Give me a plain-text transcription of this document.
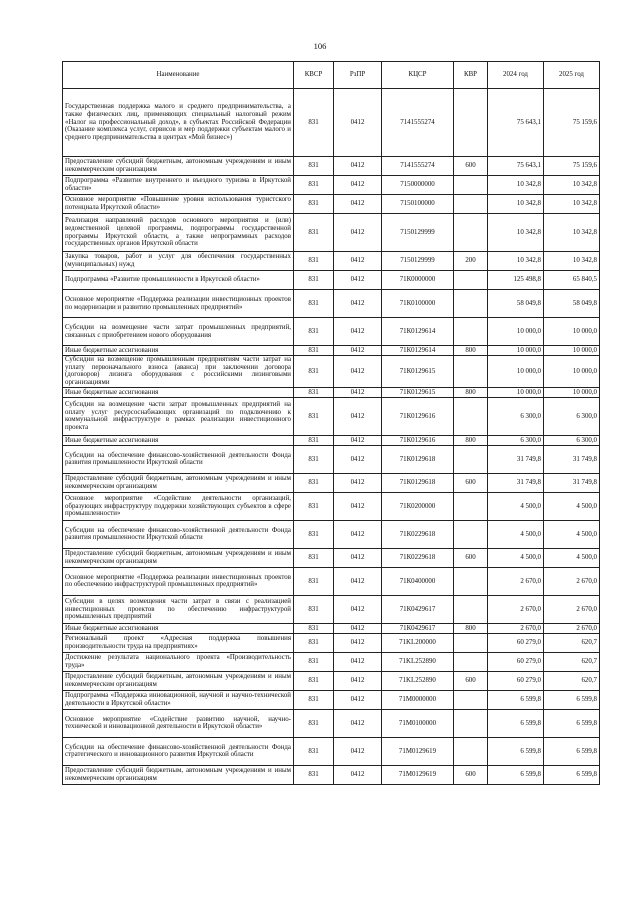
106
Наименование	КВСР	РзПР	КЦСР	КВР	2024 год	2025 год
Государственная поддержка малого и среднего предпринимательства, а также физических лиц, применяющих специальный налоговый режим «Налог на профессиональный доход», в субъектах Российской Федерации (Оказание комплекса услуг, сервисов и мер поддержки субъектам малого и среднего предпринимательства в центрах «Мой бизнес»)	831	0412	7141555274		75 643,1	75 159,6
Предоставление субсидий бюджетным, автономным учреждениям и иным некоммерческим организациям	831	0412	7141555274	600	75 643,1	75 159,6
Подпрограмма «Развитие внутреннего и въездного туризма в Иркутской области»	831	0412	7150000000		10 342,8	10 342,8
Основное мероприятие «Повышение уровня использования туристского потенциала Иркутской области»	831	0412	7150100000		10 342,8	10 342,8
Реализация направлений расходов основного мероприятия и (или) ведомственной целевой программы, подпрограммы государственной программы Иркутской области, а также непрограммных расходов государственных органов Иркутской области	831	0412	7150129999		10 342,8	10 342,8
Закупка товаров, работ и услуг для обеспечения государственных (муниципальных) нужд	831	0412	7150129999	200	10 342,8	10 342,8
Подпрограмма «Развитие промышленности в Иркутской области»	831	0412	71К0000000		125 498,8	65 840,5
Основное мероприятие «Поддержка реализации инвестиционных проектов по модернизации и развитию промышленных предприятий»	831	0412	71К0100000		58 049,8	58 049,8
Субсидии на возмещение части затрат промышленных предприятий, связанных с приобретением нового оборудования	831	0412	71К0129614		10 000,0	10 000,0
Иные бюджетные ассигнования	831	0412	71К0129614	800	10 000,0	10 000,0
Субсидии на возмещение промышленным предприятиям части затрат на уплату первоначального взноса (аванса) при заключении договора (договоров) лизинга оборудования с российскими лизинговыми организациями	831	0412	71К0129615		10 000,0	10 000,0
Иные бюджетные ассигнования	831	0412	71К0129615	800	10 000,0	10 000,0
Субсидии на возмещение части затрат промышленных предприятий на оплату услуг ресурсоснабжающих организаций по подключению к коммунальной инфраструктуре в рамках реализации инвестиционного проекта	831	0412	71К0129616		6 300,0	6 300,0
Иные бюджетные ассигнования	831	0412	71К0129616	800	6 300,0	6 300,0
Субсидии на обеспечение финансово-хозяйственной деятельности Фонда развития промышленности Иркутской области	831	0412	71К0129618		31 749,8	31 749,8
Предоставление субсидий бюджетным, автономным учреждениям и иным некоммерческим организациям	831	0412	71К0129618	600	31 749,8	31 749,8
Основное мероприятие «Содействие деятельности организаций, образующих инфраструктуру поддержки хозяйствующих субъектов в сфере промышленности»	831	0412	71К0200000		4 500,0	4 500,0
Субсидии на обеспечение финансово-хозяйственной деятельности Фонда развития промышленности Иркутской области	831	0412	71К0229618		4 500,0	4 500,0
Предоставление субсидий бюджетным, автономным учреждениям и иным некоммерческим организациям	831	0412	71К0229618	600	4 500,0	4 500,0
Основное мероприятие «Поддержка реализации инвестиционных проектов по обеспечению инфраструктурой промышленных предприятий»	831	0412	71К0400000		2 670,0	2 670,0
Субсидии в целях возмещения части затрат в связи с реализацией инвестиционных проектов по обеспечению инфраструктурой промышленных предприятий	831	0412	71К0429617		2 670,0	2 670,0
Иные бюджетные ассигнования	831	0412	71К0429617	800	2 670,0	2 670,0
Региональный проект «Адресная поддержка повышения производительности труда на предприятиях»	831	0412	71KL200000		60 279,0	620,7
Достижение результата национального проекта «Производительность труда»	831	0412	71KL252890		60 279,0	620,7
Предоставление субсидий бюджетным, автономным учреждениям и иным некоммерческим организациям	831	0412	71KL252890	600	60 279,0	620,7
Подпрограмма «Поддержка инновационной, научной и научно-технической деятельности в Иркутской области»	831	0412	71М0000000		6 599,8	6 599,8
Основное мероприятие «Содействие развитию научной, научно-технической и инновационной деятельности в Иркутской области»	831	0412	71М0100000		6 599,8	6 599,8
Субсидии на обеспечение финансово-хозяйственной деятельности Фонда стратегического и инновационного развития Иркутской области	831	0412	71М0129619		6 599,8	6 599,8
Предоставление субсидий бюджетным, автономным учреждениям и иным некоммерческим организациям	831	0412	71М0129619	600	6 599,8	6 599,8
